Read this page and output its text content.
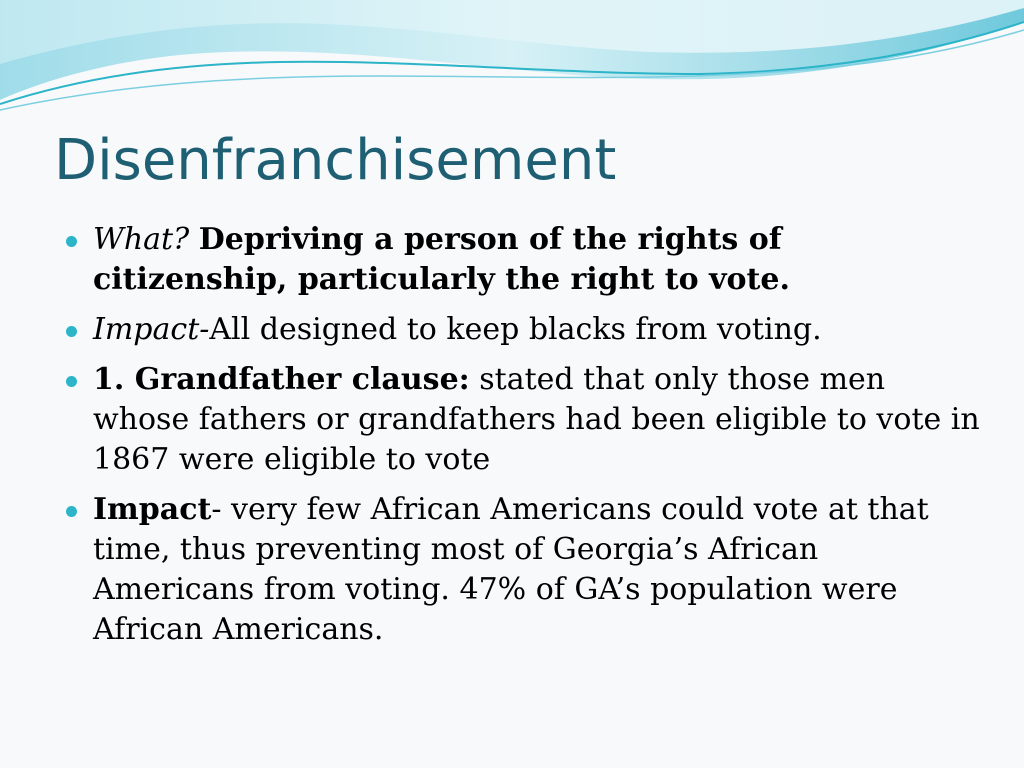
Disenfranchisement
What? Depriving a person of the rights of citizenship, particularly the right to vote.
Impact-All designed to keep blacks from voting.
1. Grandfather clause: stated that only those men whose fathers or grandfathers had been eligible to vote in 1867 were eligible to vote
Impact- very few African Americans could vote at that time, thus preventing most of Georgia’s African Americans from voting. 47% of GA’s population were African Americans.
